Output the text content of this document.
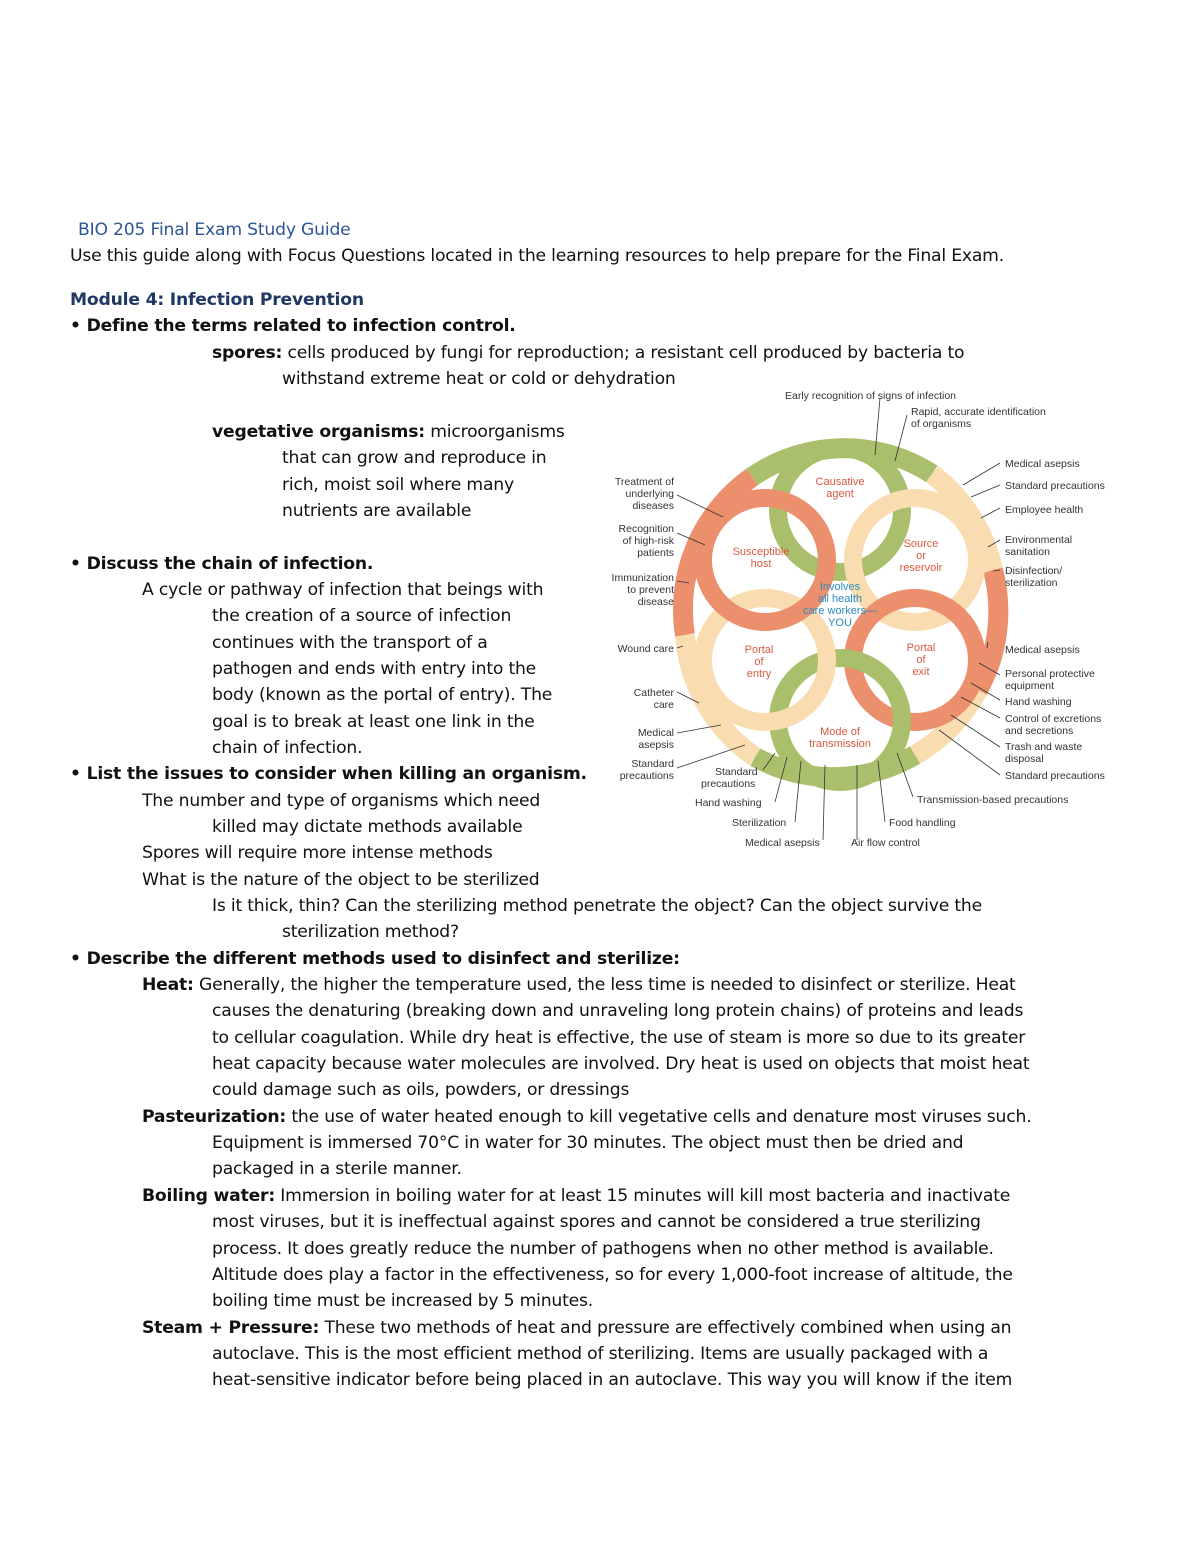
BIO 205 Final Exam Study Guide
Use this guide along with Focus Questions located in the learning resources to help prepare for the Final Exam.
Module 4: Infection Prevention
• Define the terms related to infection control.
spores: cells produced by fungi for reproduction; a resistant cell produced by bacteria to
withstand extreme heat or cold or dehydration
vegetative organisms: microorganisms
that can grow and reproduce in
rich, moist soil where many
nutrients are available
• Discuss the chain of infection.
A cycle or pathway of infection that beings with
the creation of a source of infection
continues with the transport of a
pathogen and ends with entry into the
body (known as the portal of entry). The
goal is to break at least one link in the
chain of infection.
• List the issues to consider when killing an organism.
The number and type of organisms which need
killed may dictate methods available
Spores will require more intense methods
What is the nature of the object to be sterilized
Is it thick, thin? Can the sterilizing method penetrate the object? Can the object survive the
sterilization method?
• Describe the different methods used to disinfect and sterilize:
Heat: Generally, the higher the temperature used, the less time is needed to disinfect or sterilize. Heat
causes the denaturing (breaking down and unraveling long protein chains) of proteins and leads
to cellular coagulation. While dry heat is effective, the use of steam is more so due to its greater
heat capacity because water molecules are involved. Dry heat is used on objects that moist heat
could damage such as oils, powders, or dressings
Pasteurization: the use of water heated enough to kill vegetative cells and denature most viruses such.
Equipment is immersed 70°C in water for 30 minutes. The object must then be dried and
packaged in a sterile manner.
Boiling water: Immersion in boiling water for at least 15 minutes will kill most bacteria and inactivate
most viruses, but it is ineffectual against spores and cannot be considered a true sterilizing
process. It does greatly reduce the number of pathogens when no other method is available.
Altitude does play a factor in the effectiveness, so for every 1,000-foot increase of altitude, the
boiling time must be increased by 5 minutes.
Steam + Pressure: These two methods of heat and pressure are effectively combined when using an
autoclave. This is the most efficient method of sterilizing. Items are usually packaged with a
heat-sensitive indicator before being placed in an autoclave. This way you will know if the item
Causative
agent
Source
or
reservoir
Portal
of
exit
Mode of
transmission
Portal
of
entry
Susceptible
host
Involves
all health
care workers—
YOU
Early recognition of signs of infection
Rapid, accurate identification
of organisms
Medical asepsis
Standard precautions
Employee health
Environmental
sanitation
Disinfection/
sterilization
Medical asepsis
Personal protective
equipment
Hand washing
Control of excretions
and secretions
Trash and waste
disposal
Standard precautions
Transmission-based precautions
Food handling
Air flow control
Medical asepsis
Sterilization
Hand washing
Standard
precautions
Treatment of
underlying
diseases
Recognition
of high-risk
patients
Immunization
to prevent
disease
Wound care
Catheter
care
Medical
asepsis
Standard
precautions
